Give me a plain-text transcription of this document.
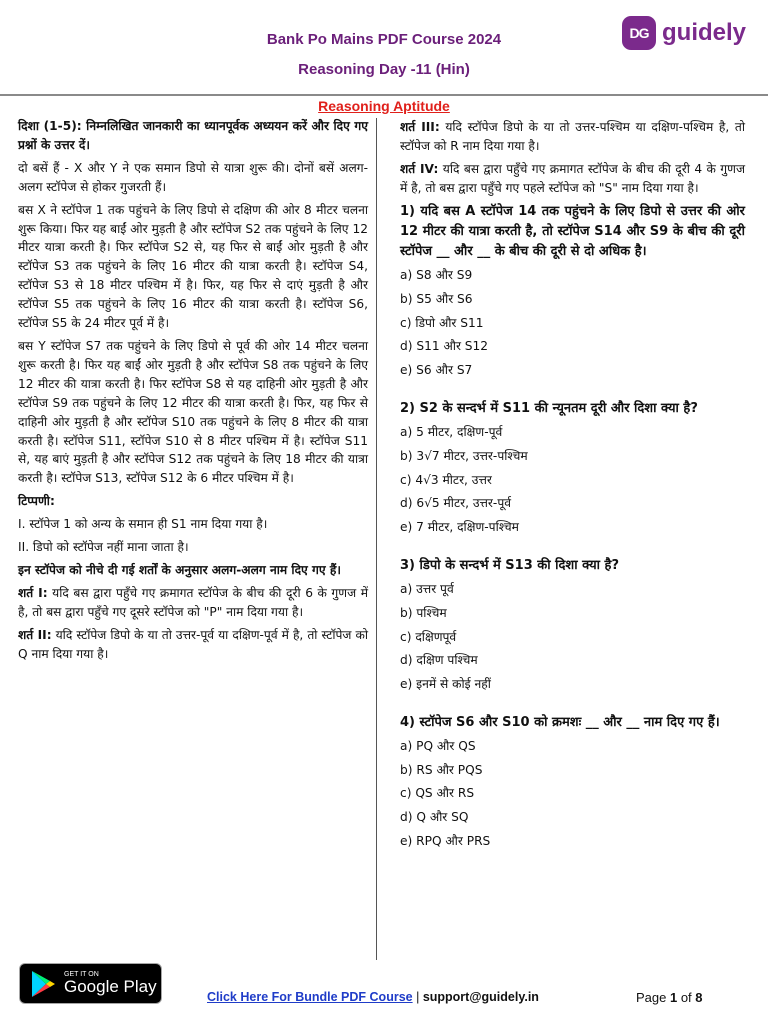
Bank Po Mains PDF Course 2024
Reasoning Day -11 (Hin)
DG guidely
Reasoning Aptitude

दिशा (1-5): निम्नलिखित जानकारी का ध्यानपूर्वक अध्ययन करें और दिए गए प्रश्नों के उत्तर दें।

दो बसें हैं - X और Y ने एक समान डिपो से यात्रा शुरू की। दोनों बसें अलग-अलग स्टॉपेज से होकर गुजरती हैं।

बस X ने स्टॉपेज 1 तक पहुंचने के लिए डिपो से दक्षिण की ओर 8 मीटर चलना शुरू किया। फिर यह बाईं ओर मुड़ती है और स्टॉपेज S2 तक पहुंचने के लिए 12 मीटर यात्रा करती है। फिर स्टॉपेज S2 से, यह फिर से बाईं ओर मुड़ती है और स्टॉपेज S3 तक पहुंचने के लिए 16 मीटर की यात्रा करती है। स्टॉपेज S4, स्टॉपेज S3 से 18 मीटर पश्चिम में है। फिर, यह फिर से दाएं मुड़ती है और स्टॉपेज S5 तक पहुंचने के लिए 16 मीटर की यात्रा करती है। स्टॉपेज S6, स्टॉपेज S5 के 24 मीटर पूर्व में है।

बस Y स्टॉपेज S7 तक पहुंचने के लिए डिपो से पूर्व की ओर 14 मीटर चलना शुरू करती है। फिर यह बाईं ओर मुड़ती है और स्टॉपेज S8 तक पहुंचने के लिए 12 मीटर की यात्रा करती है। फिर स्टॉपेज S8 से यह दाहिनी ओर मुड़ती है और स्टॉपेज S9 तक पहुंचने के लिए 12 मीटर की यात्रा करती है। फिर, यह फिर से दाहिनी ओर मुड़ती है और स्टॉपेज S10 तक पहुंचने के लिए 8 मीटर की यात्रा करती है। स्टॉपेज S11, स्टॉपेज S10 से 8 मीटर पश्चिम में है। स्टॉपेज S11 से, यह बाएं मुड़ती है और स्टॉपेज S12 तक पहुंचने के लिए 18 मीटर की यात्रा करती है। स्टॉपेज S13, स्टॉपेज S12 के 6 मीटर पश्चिम में है।

टिप्पणी:

I. स्टॉपेज 1 को अन्य के समान ही S1 नाम दिया गया है।

II. डिपो को स्टॉपेज नहीं माना जाता है।

इन स्टॉपेज को नीचे दी गई शर्तों के अनुसार अलग-अलग नाम दिए गए हैं।

शर्त I: यदि बस द्वारा पहुँचे गए क्रमागत स्टॉपेज के बीच की दूरी 6 के गुणज में है, तो बस द्वारा पहुँचे गए दूसरे स्टॉपेज को "P" नाम दिया गया है।

शर्त II: यदि स्टॉपेज डिपो के या तो उत्तर-पूर्व या दक्षिण-पूर्व में है, तो स्टॉपेज को Q नाम दिया गया है।

शर्त III: यदि स्टॉपेज डिपो के या तो उत्तर-पश्चिम या दक्षिण-पश्चिम है, तो स्टॉपेज को R नाम दिया गया है।

शर्त IV: यदि बस द्वारा पहुँचे गए क्रमागत स्टॉपेज के बीच की दूरी 4 के गुणज में है, तो बस द्वारा पहुँचे गए पहले स्टॉपेज को "S" नाम दिया गया है।

1) यदि बस A स्टॉपेज 14 तक पहुंचने के लिए डिपो से उत्तर की ओर 12 मीटर की यात्रा करती है, तो स्टॉपेज S14 और S9 के बीच की दूरी स्टॉपेज __ और __ के बीच की दूरी से दो अधिक है।

a) S8 और S9

b) S5 और S6

c) डिपो और S11

d) S11 और S12

e) S6 और S7

2) S2 के सन्दर्भ में S11 की न्यूनतम दूरी और दिशा क्या है?

a) 5 मीटर, दक्षिण-पूर्व

b) 3√7 मीटर, उत्तर-पश्चिम

c) 4√3 मीटर, उत्तर

d) 6√5 मीटर, उत्तर-पूर्व

e) 7 मीटर, दक्षिण-पश्चिम

3) डिपो के सन्दर्भ में S13 की दिशा क्या है?

a) उत्तर पूर्व

b) पश्चिम

c) दक्षिणपूर्व

d) दक्षिण पश्चिम

e) इनमें से कोई नहीं

4) स्टॉपेज S6 और S10 को क्रमशः __ और __ नाम दिए गए हैं।

a) PQ और QS

b) RS और PQS

c) QS और RS

d) Q और SQ

e) RPQ और PRS

GET IT ON
Google Play
Click Here For Bundle PDF Course | support@guidely.in	Page 1 of 8
